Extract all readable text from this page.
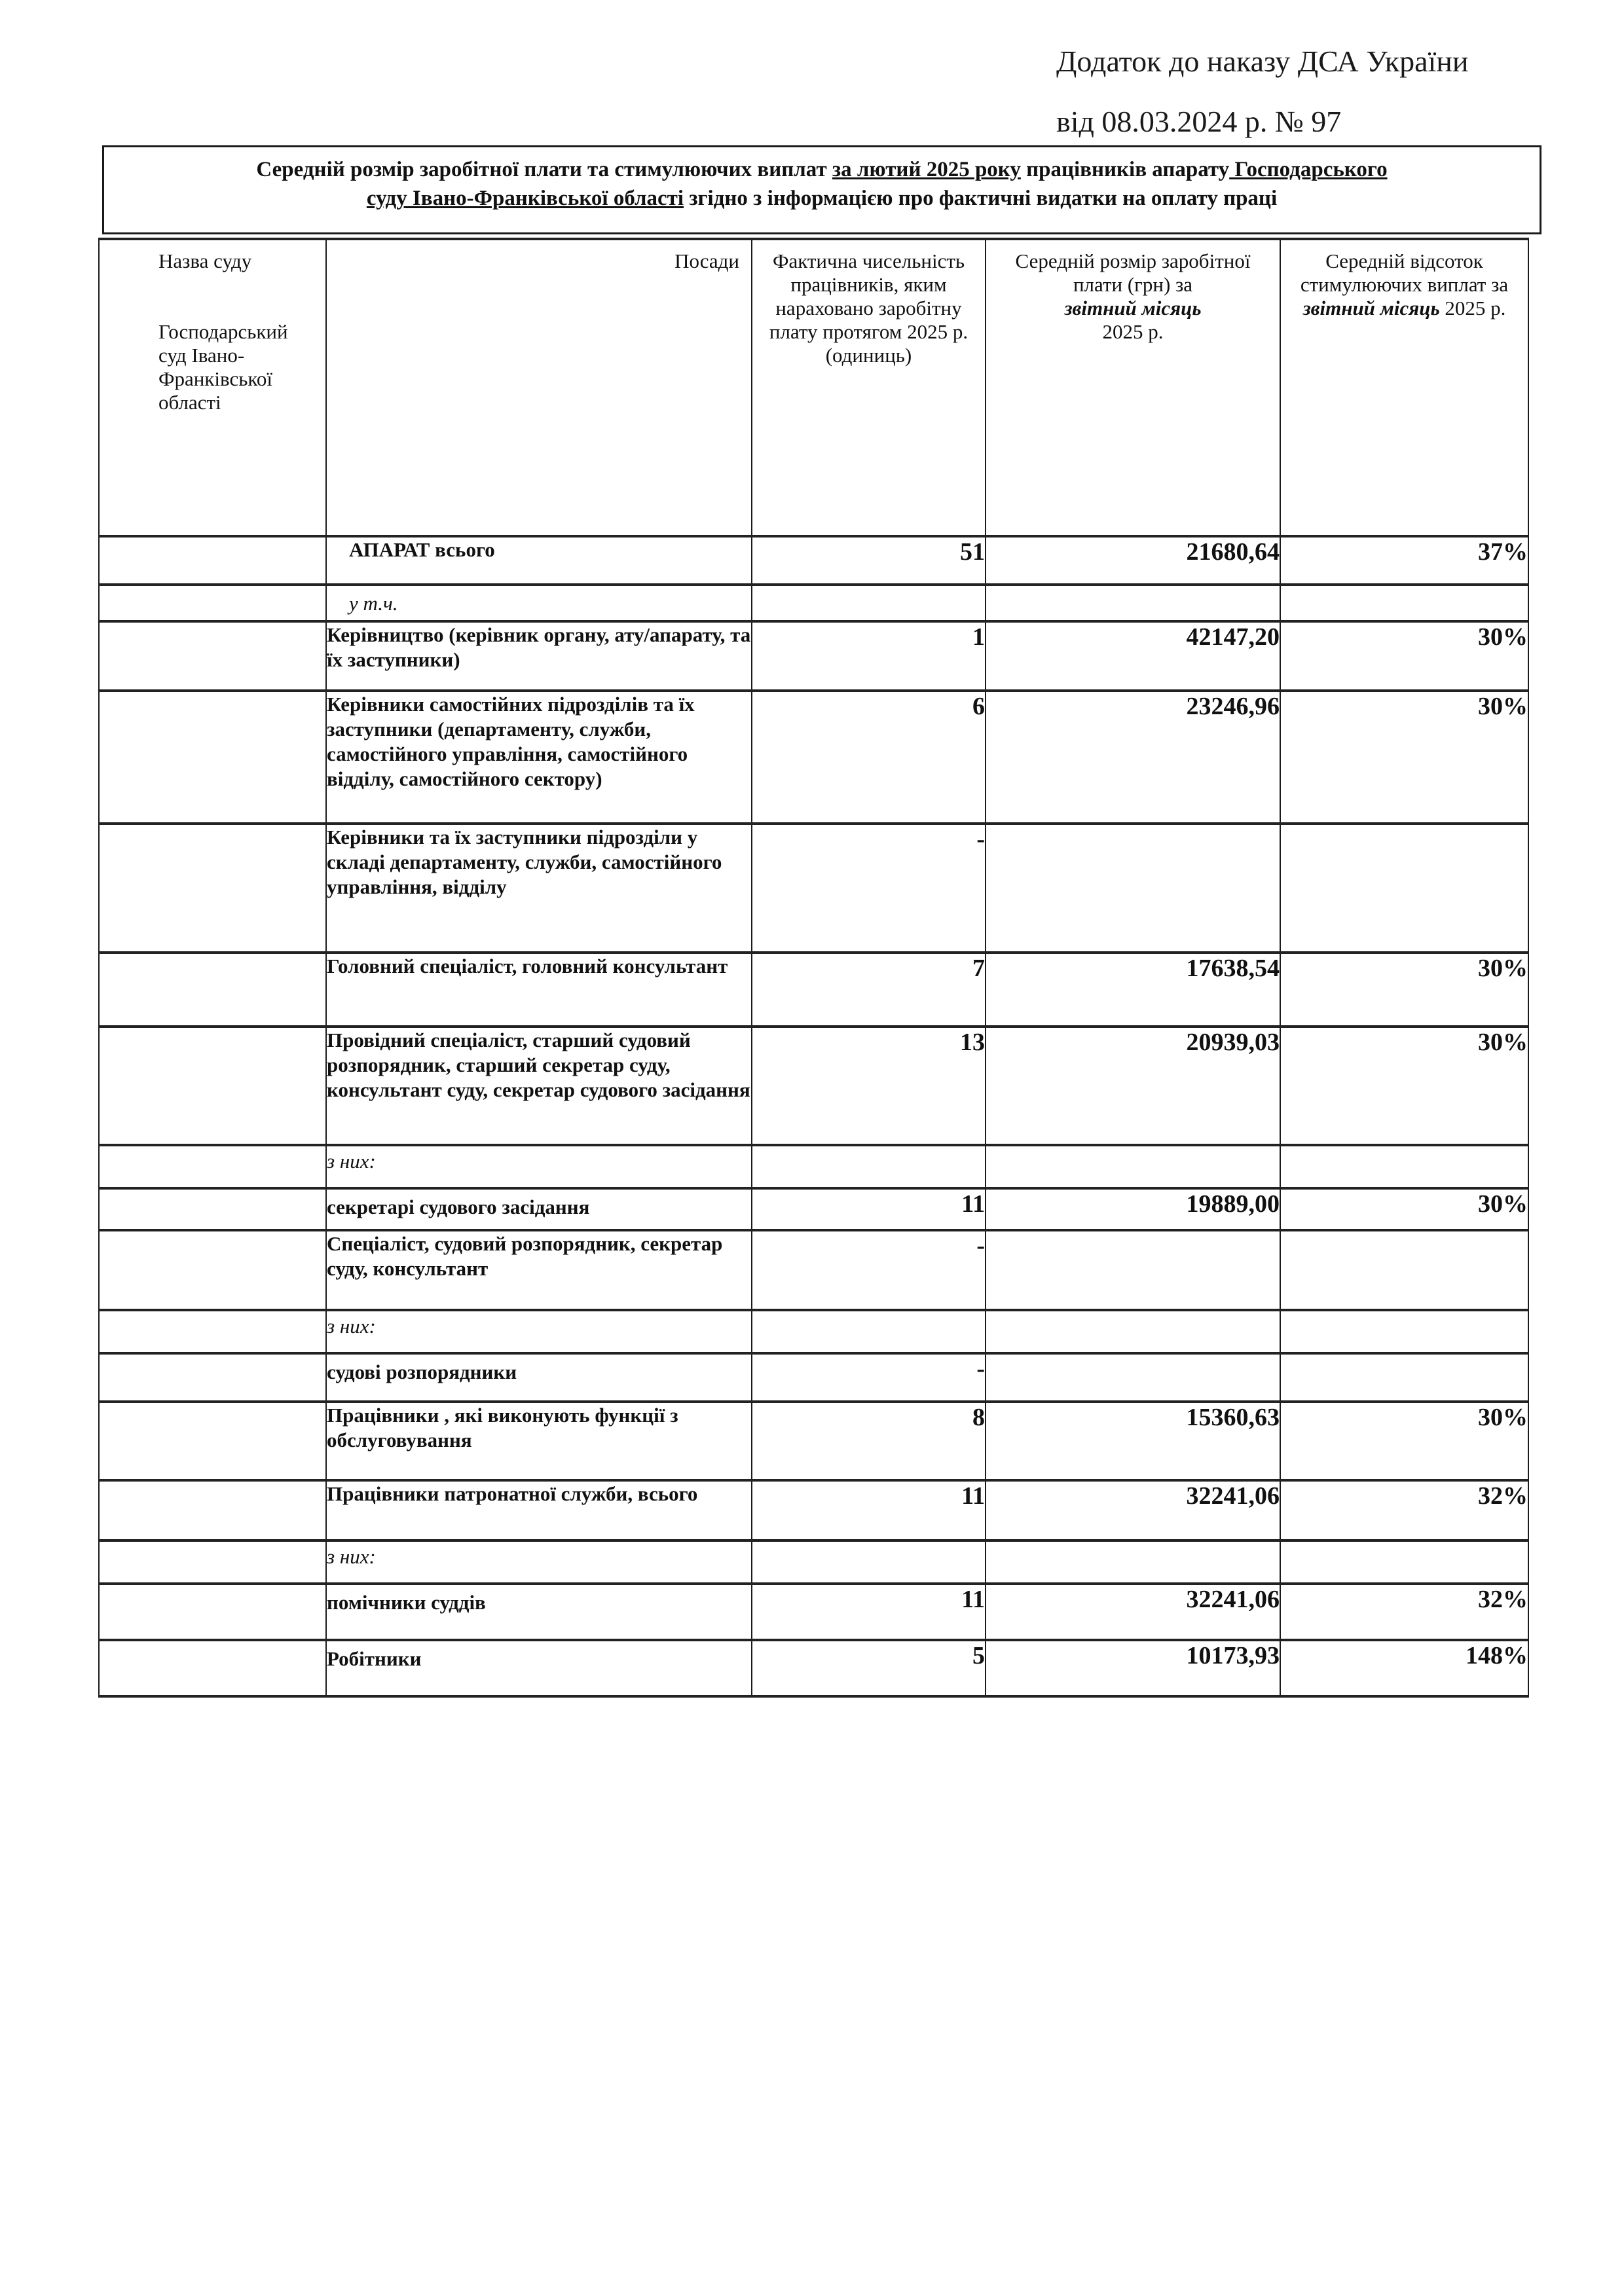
Додаток до наказу ДСА України
від 08.03.2024 р. № 97
Середній розмір заробітної плати та стимулюючих виплат за лютий 2025 року працівників апарату Господарського
суду Івано-Франківської області згідно з інформацією про фактичні видатки на оплату праці
Назва суду
Господарський суд Івано-Франківської області	Посади	Фактична чисельність працівників, яким нараховано заробітну плату протягом 2025 р. (одиниць)	Середній розмір заробітної плати (грн) за
звітний місяць
2025 р.	Середній відсоток стимулюючих виплат за звітний місяць 2025 р.
	АПАРАТ всього	51	21680,64	37%
	у т.ч.			
	Керівництво (керівник органу, ату/апарату, та їх заступники)	1	42147,20	30%
	Керівники самостійних підрозділів та їх заступники (департаменту, служби, самостійного управління, самостійного відділу, самостійного сектору)	6	23246,96	30%
	Керівники та їх заступники підрозділи у складі департаменту, служби, самостійного управління, відділу	-		
	Головний спеціаліст, головний консультант	7	17638,54	30%
	Провідний спеціаліст, старший судовий розпорядник, старший секретар суду, консультант суду, секретар судового засідання	13	20939,03	30%
	з них:			
	секретарі судового засідання	11	19889,00	30%
	Спеціаліст, судовий розпорядник, секретар суду, консультант	-		
	з них:			
	судові розпорядники	-		
	Працівники , які виконують функції з обслуговування	8	15360,63	30%
	Працівники патронатної служби, всього	11	32241,06	32%
	з них:			
	помічники суддів	11	32241,06	32%
	Робітники	5	10173,93	148%
